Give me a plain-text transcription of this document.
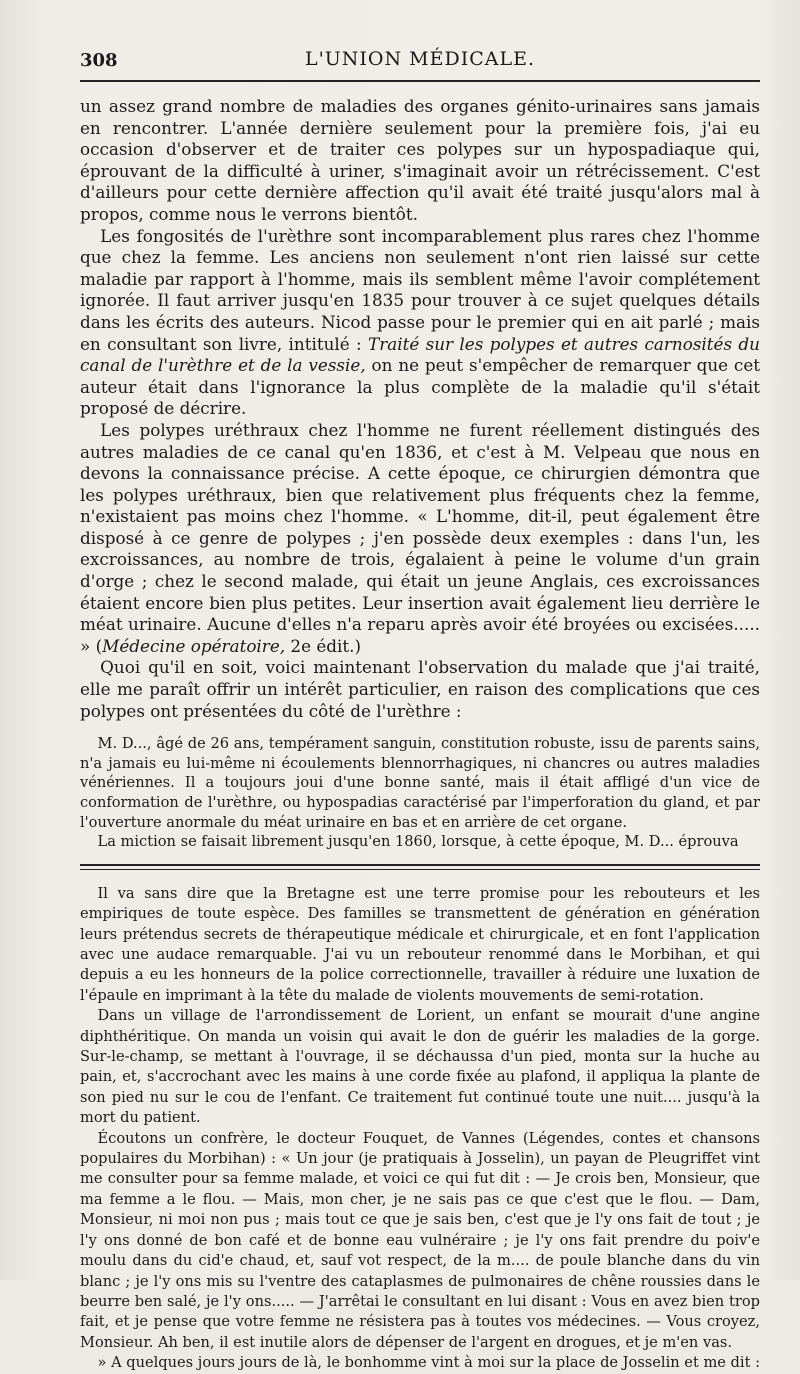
308	L'UNION MÉDICALE.

un assez grand nombre de maladies des organes génito-urinaires sans jamais en rencontrer. L'année dernière seulement pour la première fois, j'ai eu occasion d'observer et de traiter ces polypes sur un hypospadiaque qui, éprouvant de la difficulté à uriner, s'imaginait avoir un rétrécissement. C'est d'ailleurs pour cette dernière affection qu'il avait été traité jusqu'alors mal à propos, comme nous le verrons bientôt.

Les fongosités de l'urèthre sont incomparablement plus rares chez l'homme que chez la femme. Les anciens non seulement n'ont rien laissé sur cette maladie par rapport à l'homme, mais ils semblent même l'avoir complétement ignorée. Il faut arriver jusqu'en 1835 pour trouver à ce sujet quelques détails dans les écrits des auteurs. Nicod passe pour le premier qui en ait parlé ; mais en consultant son livre, intitulé : Traité sur les polypes et autres carnosités du canal de l'urèthre et de la vessie, on ne peut s'empêcher de remarquer que cet auteur était dans l'ignorance la plus complète de la maladie qu'il s'était proposé de décrire.

Les polypes uréthraux chez l'homme ne furent réellement distingués des autres maladies de ce canal qu'en 1836, et c'est à M. Velpeau que nous en devons la connaissance précise. A cette époque, ce chirurgien démontra que les polypes uréthraux, bien que relativement plus fréquents chez la femme, n'existaient pas moins chez l'homme. « L'homme, dit-il, peut également être disposé à ce genre de polypes ; j'en possède deux exemples : dans l'un, les excroissances, au nombre de trois, égalaient à peine le volume d'un grain d'orge ; chez le second malade, qui était un jeune Anglais, ces excroissances étaient encore bien plus petites. Leur insertion avait également lieu derrière le méat urinaire. Aucune d'elles n'a reparu après avoir été broyées ou excisées..... » (Médecine opératoire, 2e édit.)

Quoi qu'il en soit, voici maintenant l'observation du malade que j'ai traité, elle me paraît offrir un intérêt particulier, en raison des complications que ces polypes ont présentées du côté de l'urèthre :

M. D..., âgé de 26 ans, tempérament sanguin, constitution robuste, issu de parents sains, n'a jamais eu lui-même ni écoulements blennorrhagiques, ni chancres ou autres maladies vénériennes. Il a toujours joui d'une bonne santé, mais il était affligé d'un vice de conformation de l'urèthre, ou hypospadias caractérisé par l'imperforation du gland, et par l'ouverture anormale du méat urinaire en bas et en arrière de cet organe.

La miction se faisait librement jusqu'en 1860, lorsque, à cette époque, M. D... éprouva

Il va sans dire que la Bretagne est une terre promise pour les rebouteurs et les empiriques de toute espèce. Des familles se transmettent de génération en génération leurs prétendus secrets de thérapeutique médicale et chirurgicale, et en font l'application avec une audace remarquable. J'ai vu un rebouteur renommé dans le Morbihan, et qui depuis a eu les honneurs de la police correctionnelle, travailler à réduire une luxation de l'épaule en imprimant à la tête du malade de violents mouvements de semi-rotation.

Dans un village de l'arrondissement de Lorient, un enfant se mourait d'une angine diphthéritique. On manda un voisin qui avait le don de guérir les maladies de la gorge. Sur-le-champ, se mettant à l'ouvrage, il se déchaussa d'un pied, monta sur la huche au pain, et, s'accrochant avec les mains à une corde fixée au plafond, il appliqua la plante de son pied nu sur le cou de l'enfant. Ce traitement fut continué toute une nuit.... jusqu'à la mort du patient.

Écoutons un confrère, le docteur Fouquet, de Vannes (Légendes, contes et chansons populaires du Morbihan) : « Un jour (je pratiquais à Josselin), un payan de Pleugriffet vint me consulter pour sa femme malade, et voici ce qui fut dit : — Je crois ben, Monsieur, que ma femme a le flou. — Mais, mon cher, je ne sais pas ce que c'est que le flou. — Dam, Monsieur, ni moi non pus ; mais tout ce que je sais ben, c'est que je l'y ons fait de tout ; je l'y ons donné de bon café et de bonne eau vulnéraire ; je l'y ons fait prendre du poiv'e moulu dans du cid'e chaud, et, sauf vot respect, de la m.... de poule blanche dans du vin blanc ; je l'y ons mis su l'ventre des cataplasmes de pulmonaires de chêne roussies dans le beurre ben salé, je l'y ons..... — J'arrêtai le consultant en lui disant : Vous en avez bien trop fait, et je pense que votre femme ne résistera pas à toutes vos médecines. — Vous croyez, Monsieur. Ah ben, il est inutile alors de dépenser de l'argent en drogues, et je m'en vas.

» A quelques jours jours de là, le bonhomme vint à moi sur la place de Josselin et me dit :
